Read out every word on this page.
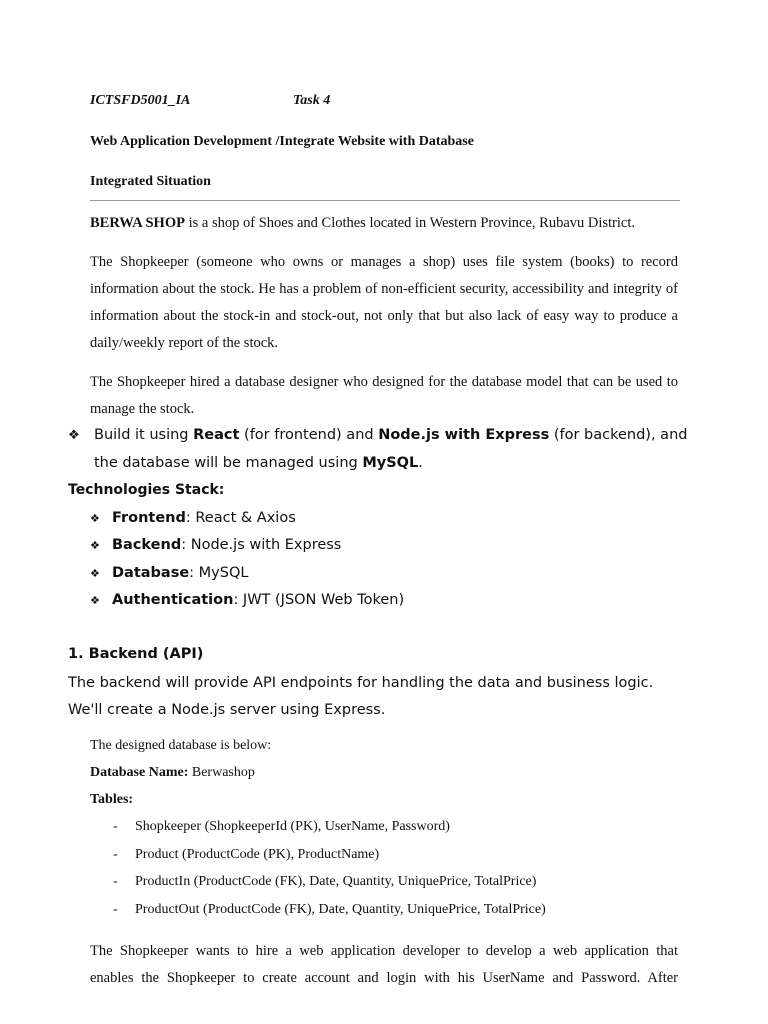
ICTSFD5001_IA	Task 4
Web Application Development /Integrate Website with Database
Integrated Situation
BERWA SHOP is a shop of Shoes and Clothes located in Western Province, Rubavu District.
The Shopkeeper (someone who owns or manages a shop) uses file system (books) to record information about the stock. He has a problem of non-efficient security, accessibility and integrity of information about the stock-in and stock-out, not only that but also lack of easy way to produce a daily/weekly report of the stock.
The Shopkeeper hired a database designer who designed for the database model that can be used to manage the stock.
❖ Build it using React (for frontend) and Node.js with Express (for backend), and
the database will be managed using MySQL.
Technologies Stack:
❖ Frontend: React & Axios
❖ Backend: Node.js with Express
❖ Database: MySQL
❖ Authentication: JWT (JSON Web Token)
1. Backend (API)
The backend will provide API endpoints for handling the data and business logic.
We'll create a Node.js server using Express.
The designed database is below:
Database Name: Berwashop
Tables:
- Shopkeeper (ShopkeeperId (PK), UserName, Password)
- Product (ProductCode (PK), ProductName)
- ProductIn (ProductCode (FK), Date, Quantity, UniquePrice, TotalPrice)
- ProductOut (ProductCode (FK), Date, Quantity, UniquePrice, TotalPrice)
The Shopkeeper wants to hire a web application developer to develop a web application that
enables the Shopkeeper to create account and login with his UserName and Password. After
